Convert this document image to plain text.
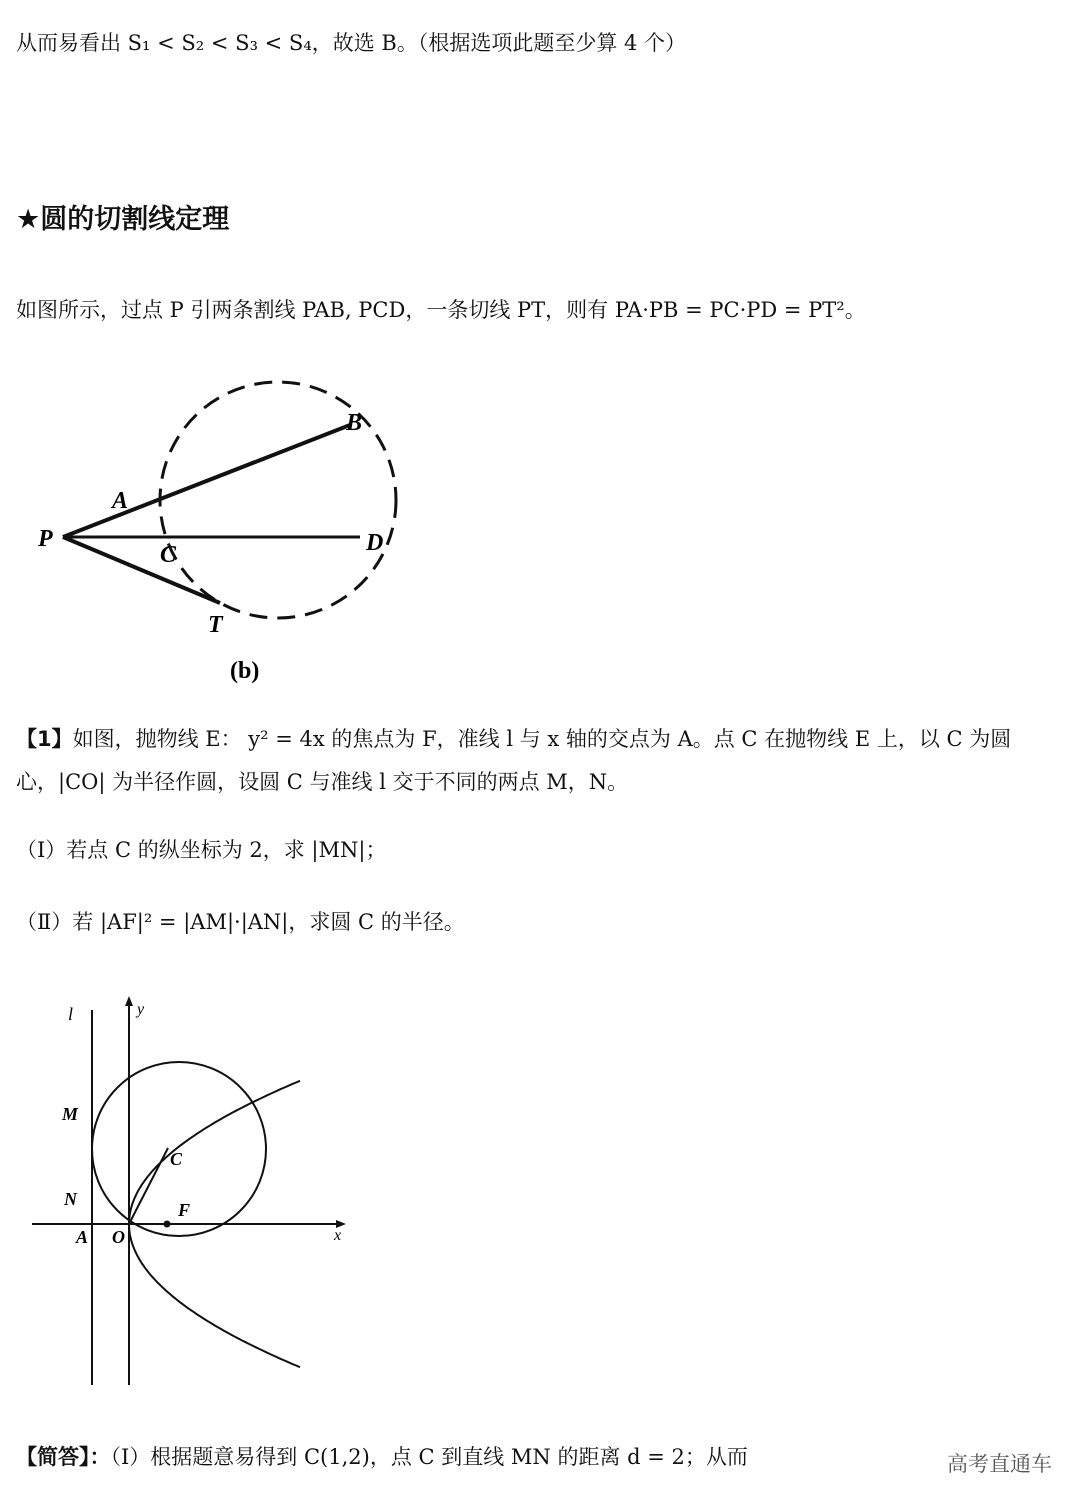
从而易看出 S₁ < S₂ < S₃ < S₄，故选 B。（根据选项此题至少算 4 个）
★圆的切割线定理
如图所示，过点 P 引两条割线 PAB, PCD，一条切线 PT，则有 PA·PB = PC·PD = PT²。
P
A
B
C	D
T
(b)
【1】如图，抛物线 E： y² = 4x 的焦点为 F，准线 l 与 x 轴的交点为 A。点 C 在抛物线 E 上，以 C 为圆
心，|CO| 为半径作圆，设圆 C 与准线 l 交于不同的两点 M，N。
（Ⅰ）若点 C 的纵坐标为 2，求 |MN|；
（Ⅱ）若 |AF|² = |AM|·|AN|，求圆 C 的半径。
l	y
M
N
C
F
A O	x
【简答】：（Ⅰ）根据题意易得到 C(1,2)，点 C 到直线 MN 的距离 d = 2；从而	高考直通车
